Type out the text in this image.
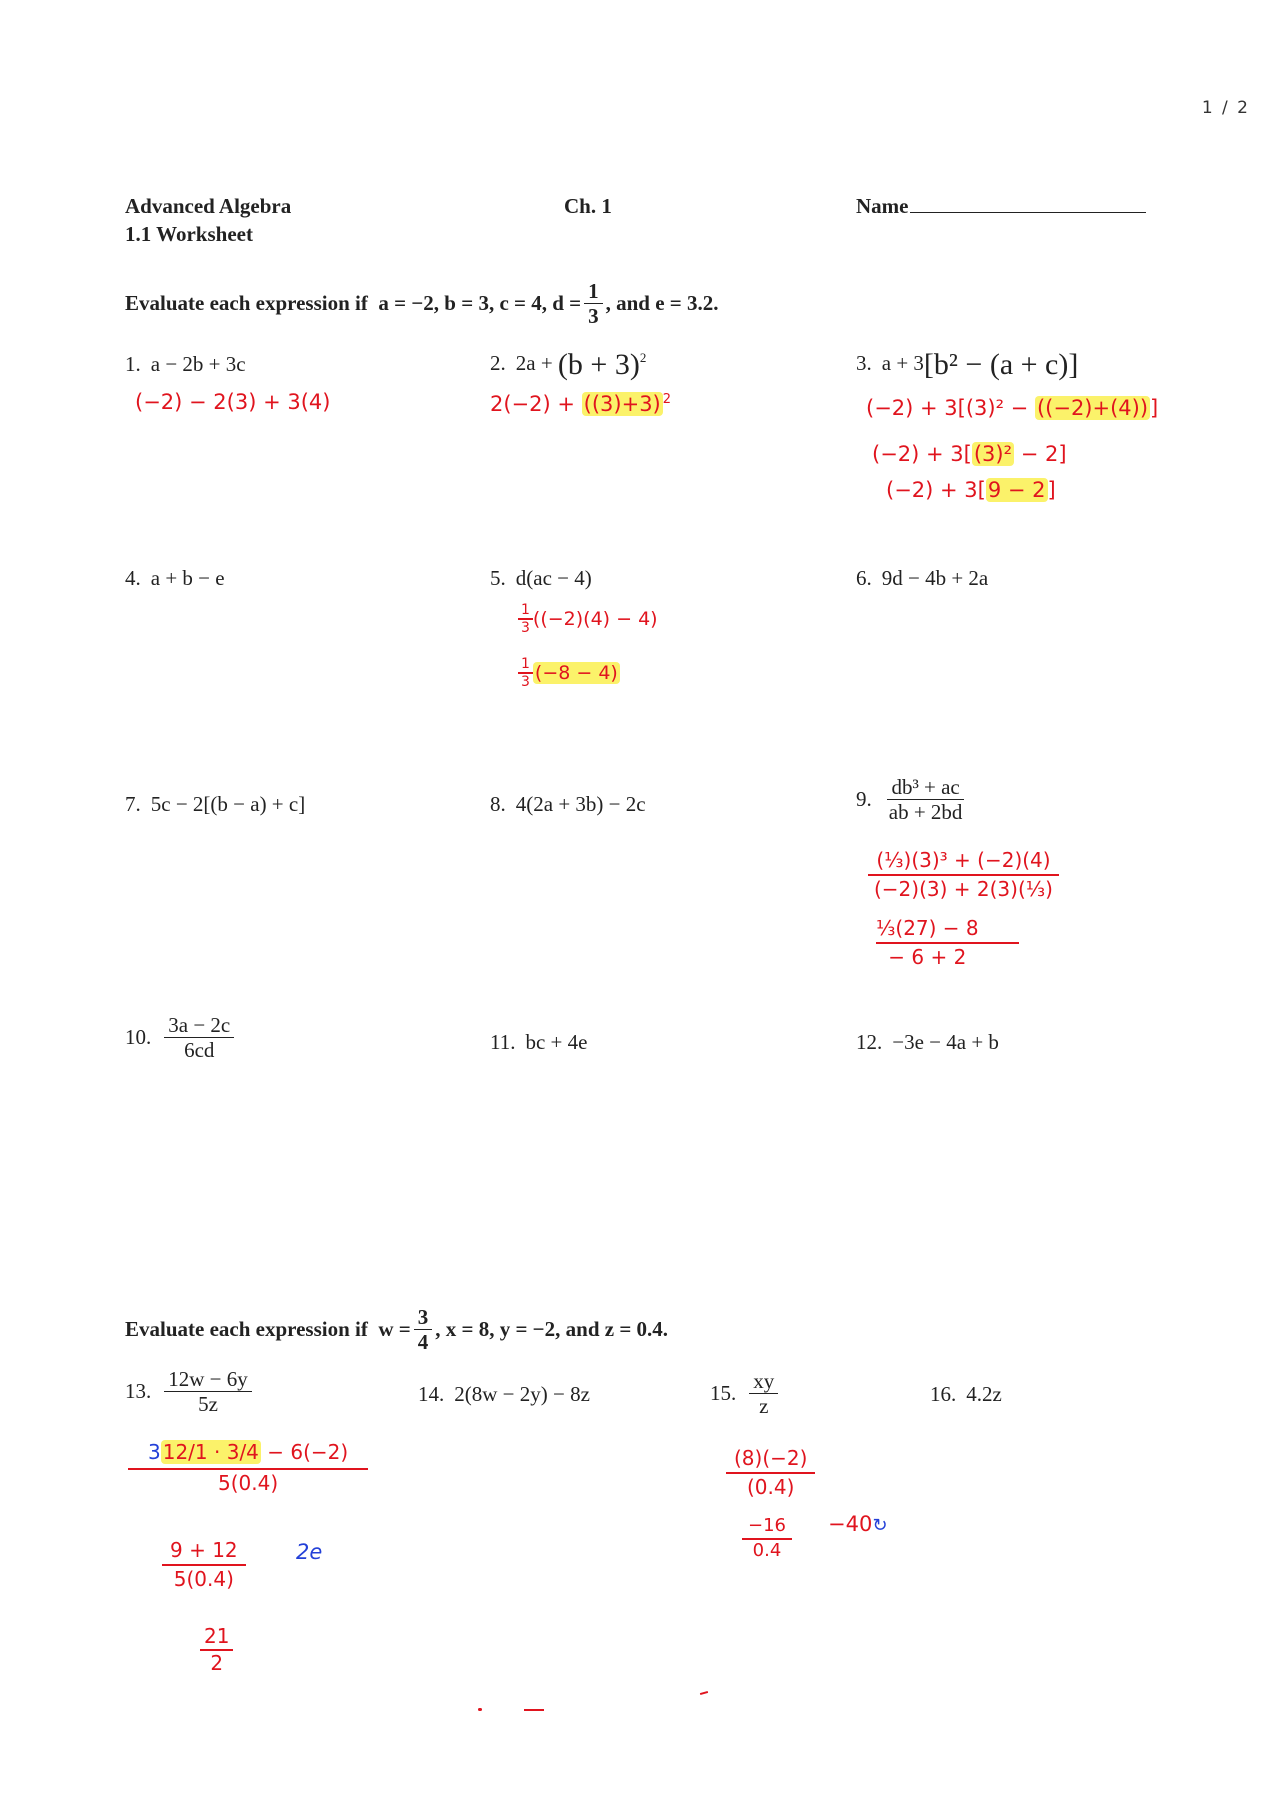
1 / 2
Advanced Algebra
1.1 Worksheet
Ch. 1	Name
Evaluate each expression if
a = −2, b = 3, c = 4, $d = \frac{1}{3}$ , and e = 3.2.
1. a − 2b + 3c	2. $2a + (b + 3)^2$	3. a + 3[b² − (a + c)]
(−2) − 2(3) + 3(4)	2(−2) + ((3)+3) $^2$	(−2) + 3[(3)² − ((−2)+(4))]
(−2) + 3[(3)² − 2]
(−2) + 3[9 − 2]
4. a + b − e	5. d(ac − 4)	6. 9d − 4b + 2a
$\frac{1}{3} ((-2)(4) - 4)$
$\frac{1}{3} (-8 - 4)$
7. 5c − 2[(b − a) + c]	8. 4(2a + 3b) − 2c	9. $\frac{\text{db³ + ac}}{ab + 2bd}$
$\frac{\text{(⅓)(3)³ + (−2)(4)}}{\text{(−2)(3) + 2(3)(⅓)}}$
$\frac{\text{⅓(27) − 8}}{- 6 + 2}$
10. $\frac{3a - 2c}{6cd}$	11. bc + 4e	12. −3e − 4a + b
Evaluate each expression if
$w = \frac{3}{4}$ , x = 8, y = −2, and z = 0.4.
13. $\frac{12w - 6y}{5z}$	14. 2(8w − 2y) − 8z	15. $\frac{xy}{z}$	16. 4.2z
$\frac{3 12/1 \cdot 3/4 - 6(-2)}{5(0.4)}$
$\frac{9 + 12}{5(0.4)} 2e$
$\frac{21}{2}$
$\frac{(8)(-2)}{(0.4)}$
$\frac{-16}{0.4}$ −40↻
